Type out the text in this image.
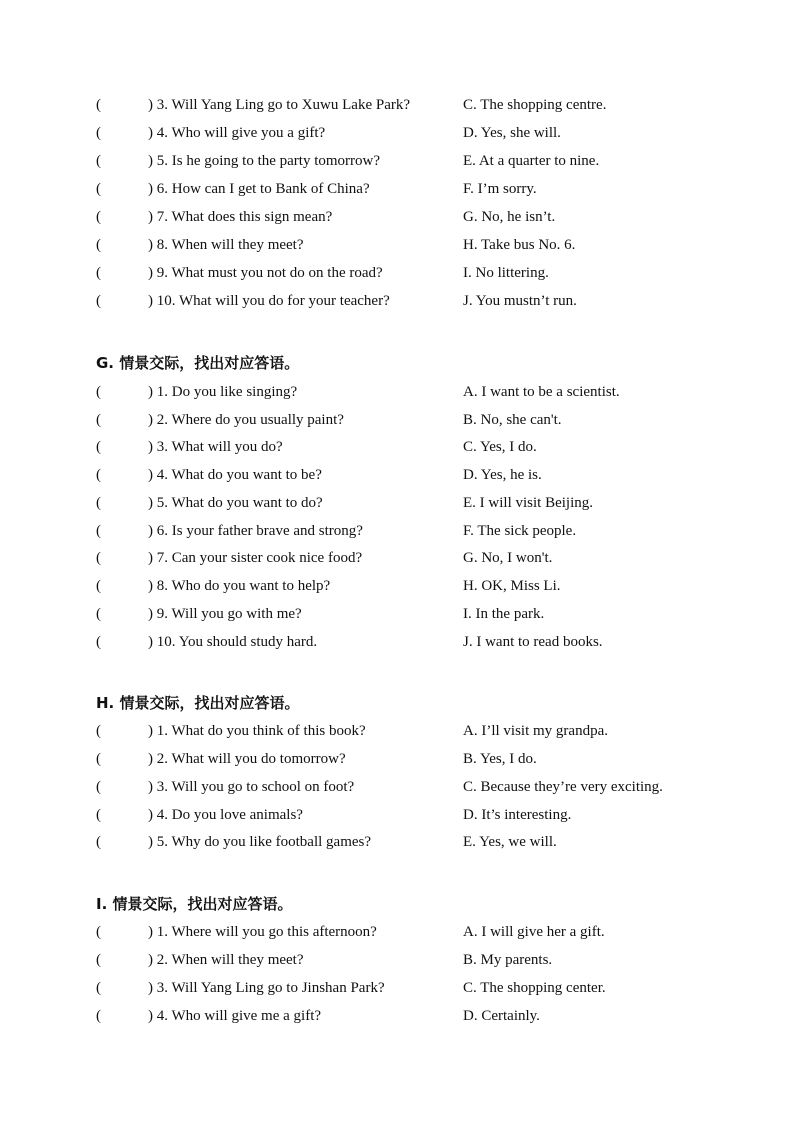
(	) 3. Will Yang Ling go to Xuwu Lake Park?	C. The shopping centre.
(	) 4. Who will give you a gift?	D. Yes, she will.
(	) 5. Is he going to the party tomorrow?	E. At a quarter to nine.
(	) 6. How can I get to Bank of China?	F. I’m sorry.
(	) 7. What does this sign mean?	G. No, he isn’t.
(	) 8. When will they meet?	H. Take bus No. 6.
(	) 9. What must you not do on the road?	I. No littering.
(	) 10. What will you do for your teacher?	J. You mustn’t run.
G. 情景交际，找出对应答语。
(	) 1. Do you like singing?	A. I want to be a scientist.
(	) 2. Where do you usually paint?	B. No, she can't.
(	) 3. What will you do?	C. Yes, I do.
(	) 4. What do you want to be?	D. Yes, he is.
(	) 5. What do you want to do?	E. I will visit Beijing.
(	) 6. Is your father brave and strong?	F. The sick people.
(	) 7. Can your sister cook nice food?	G. No, I won't.
(	) 8. Who do you want to help?	H. OK, Miss Li.
(	) 9. Will you go with me?	I. In the park.
(	) 10. You should study hard.	J. I want to read books.
H. 情景交际，找出对应答语。
(	) 1. What do you think of this book?	A. I’ll visit my grandpa.
(	) 2. What will you do tomorrow?	B. Yes, I do.
(	) 3. Will you go to school on foot?	C. Because they’re very exciting.
(	) 4. Do you love animals?	D. It’s interesting.
(	) 5. Why do you like football games?	E. Yes, we will.
I. 情景交际，找出对应答语。
(	) 1. Where will you go this afternoon?	A. I will give her a gift.
(	) 2. When will they meet?	B. My parents.
(	) 3. Will Yang Ling go to Jinshan Park?	C. The shopping center.
(	) 4. Who will give me a gift?	D. Certainly.
